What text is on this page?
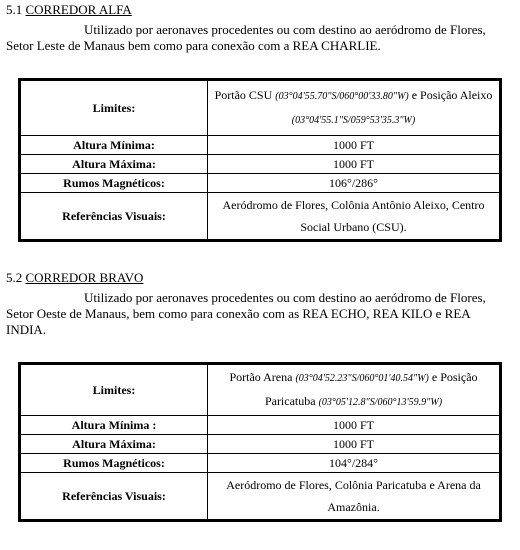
5.1 CORREDOR ALFA

Utilizado por aeronaves procedentes ou com destino ao aeródromo de Flores, Setor Leste de Manaus bem como para conexão com a REA CHARLIE.

Limites:	Portão CSU (03°04'55.70"S/060°00'33.80"W) e Posição Aleixo (03°04'55.1"S/059°53'35.3"W)
Altura Mínima:	1000 FT
Altura Máxima:	1000 FT
Rumos Magnéticos:	106°/286°
Referências Visuais:	Aeródromo de Flores, Colônia Antônio Aleixo, Centro Social Urbano (CSU).
5.2 CORREDOR BRAVO

Utilizado por aeronaves procedentes ou com destino ao aeródromo de Flores, Setor Oeste de Manaus, bem como para conexão com as REA ECHO, REA KILO e REA INDIA.

Limites:	Portão Arena (03°04'52.23"S/060°01'40.54"W) e Posição Paricatuba (03°05'12.8"S/060°13'59.9"W)
Altura Mínima :	1000 FT
Altura Máxima:	1000 FT
Rumos Magnéticos:	104°/284°
Referências Visuais:	Aeródromo de Flores, Colônia Paricatuba e Arena da Amazônia.
